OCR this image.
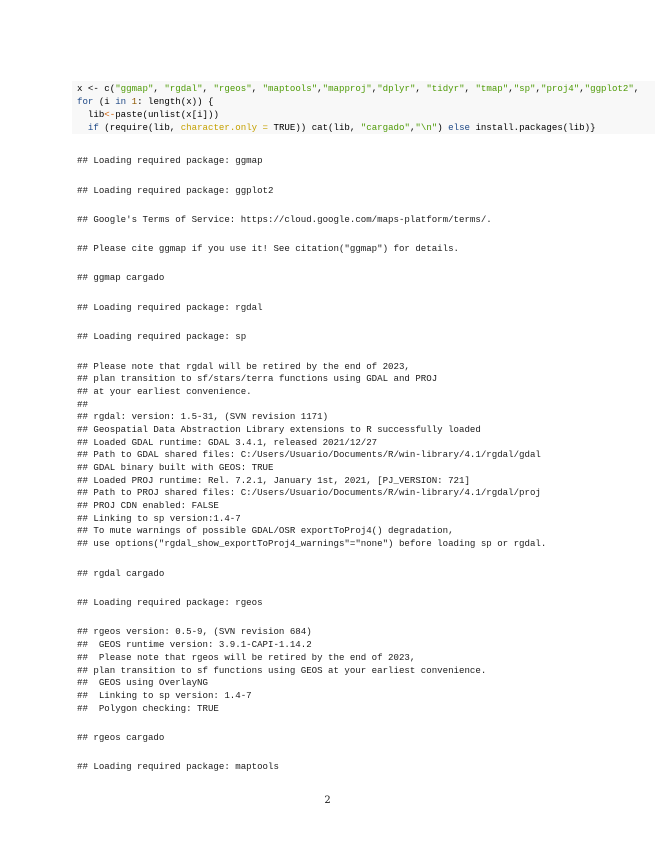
x <- c("ggmap", "rgdal", "rgeos", "maptools","mapproj","dplyr", "tidyr", "tmap","sp","proj4","ggplot2",
for (i in 1: length(x)) {
lib<-paste(unlist(x[i]))
if (require(lib, character.only = TRUE)) cat(lib, "cargado","\n") else install.packages(lib)}
## Loading required package: ggmap
## Loading required package: ggplot2
## Google's Terms of Service: https://cloud.google.com/maps-platform/terms/.
## Please cite ggmap if you use it! See citation("ggmap") for details.
## ggmap cargado
## Loading required package: rgdal
## Loading required package: sp
## Please note that rgdal will be retired by the end of 2023,
## plan transition to sf/stars/terra functions using GDAL and PROJ
## at your earliest convenience.
##
## rgdal: version: 1.5-31, (SVN revision 1171)
## Geospatial Data Abstraction Library extensions to R successfully loaded
## Loaded GDAL runtime: GDAL 3.4.1, released 2021/12/27
## Path to GDAL shared files: C:/Users/Usuario/Documents/R/win-library/4.1/rgdal/gdal
## GDAL binary built with GEOS: TRUE
## Loaded PROJ runtime: Rel. 7.2.1, January 1st, 2021, [PJ_VERSION: 721]
## Path to PROJ shared files: C:/Users/Usuario/Documents/R/win-library/4.1/rgdal/proj
## PROJ CDN enabled: FALSE
## Linking to sp version:1.4-7
## To mute warnings of possible GDAL/OSR exportToProj4() degradation,
## use options("rgdal_show_exportToProj4_warnings"="none") before loading sp or rgdal.
## rgdal cargado
## Loading required package: rgeos
## rgeos version: 0.5-9, (SVN revision 684)
##  GEOS runtime version: 3.9.1-CAPI-1.14.2
##  Please note that rgeos will be retired by the end of 2023,
## plan transition to sf functions using GEOS at your earliest convenience.
##  GEOS using OverlayNG
##  Linking to sp version: 1.4-7
##  Polygon checking: TRUE
## rgeos cargado
## Loading required package: maptools
2
